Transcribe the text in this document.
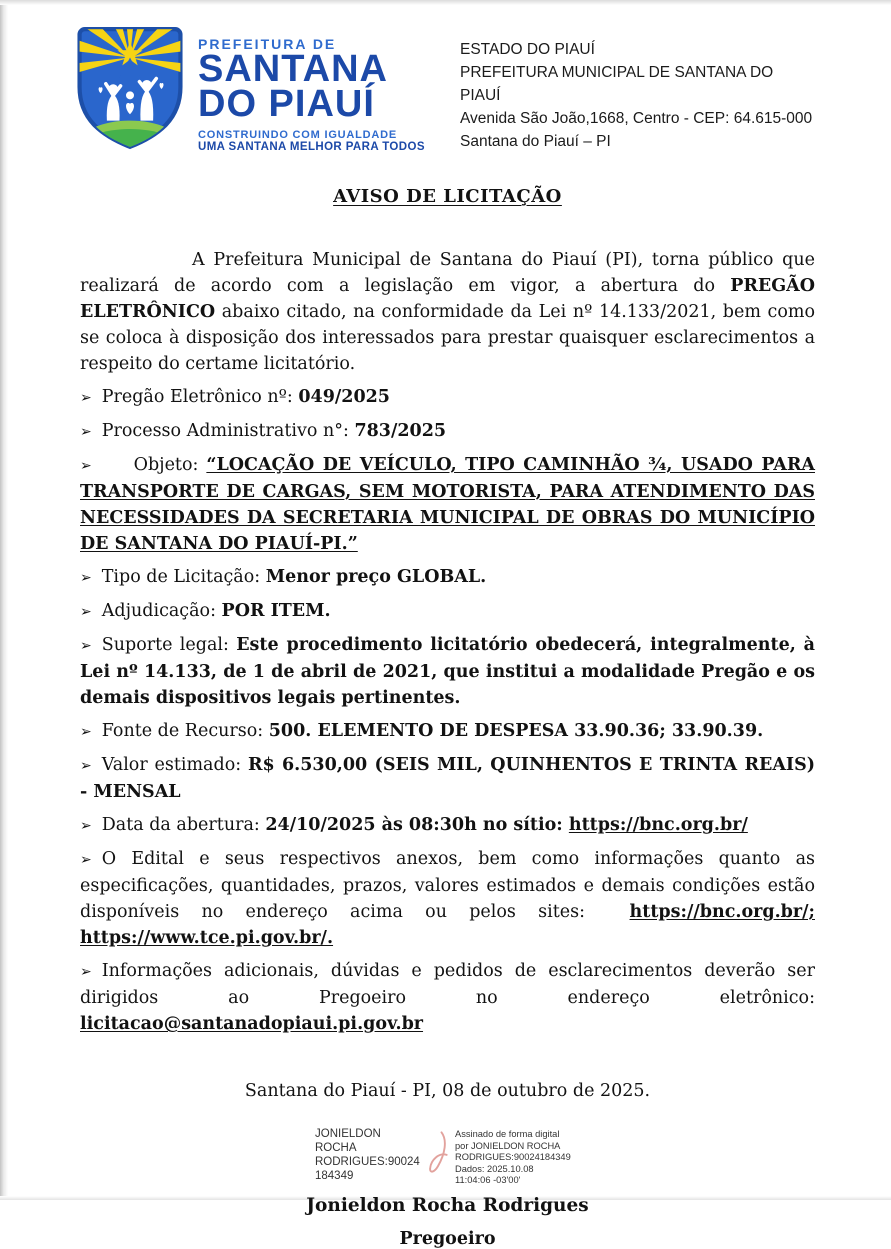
PREFEITURA DE
SANTANA
DO PIAUÍ
CONSTRUINDO COM IGUALDADE
UMA SANTANA MELHOR PARA TODOS
ESTADO DO PIAUÍ
PREFEITURA MUNICIPAL DE SANTANA DO PIAUÍ
Avenida São João,1668, Centro - CEP: 64.615-000
Santana do Piauí – PI
AVISO DE LICITAÇÃO

A Prefeitura Municipal de Santana do Piauí (PI), torna público que realizará de acordo com a legislação em vigor, a abertura do PREGÃO ELETRÔNICO abaixo citado, na conformidade da Lei nº 14.133/2021, bem como se coloca à disposição dos interessados para prestar quaisquer esclarecimentos a respeito do certame licitatório.

➢ Pregão Eletrônico nº: 049/2025

➢ Processo Administrativo n°: 783/2025

➢    Objeto: “LOCAÇÃO DE VEÍCULO, TIPO CAMINHÃO ¾, USADO PARA TRANSPORTE DE CARGAS, SEM MOTORISTA, PARA ATENDIMENTO DAS NECESSIDADES DA SECRETARIA MUNICIPAL DE OBRAS DO MUNICÍPIO DE SANTANA DO PIAUÍ-PI.”

➢ Tipo de Licitação: Menor preço GLOBAL.

➢ Adjudicação: POR ITEM.

➢ Suporte legal: Este procedimento licitatório obedecerá, integralmente, à Lei nº 14.133, de 1 de abril de 2021, que institui a modalidade Pregão e os demais dispositivos legais pertinentes.

➢ Fonte de Recurso: 500. ELEMENTO DE DESPESA 33.90.36; 33.90.39.

➢ Valor estimado: R$ 6.530,00 (SEIS MIL, QUINHENTOS E TRINTA REAIS) - MENSAL

➢ Data da abertura: 24/10/2025 às 08:30h no sítio: https://bnc.org.br/

➢ O Edital e seus respectivos anexos, bem como informações quanto as especificações, quantidades, prazos, valores estimados e demais condições estão disponíveis no endereço acima ou pelos sites:  https://bnc.org.br/; https://www.tce.pi.gov.br/.

➢ Informações adicionais, dúvidas e pedidos de esclarecimentos deverão ser dirigidos ao Pregoeiro no endereço eletrônico: licitacao@santanadopiaui.pi.gov.br

Santana do Piauí - PI, 08 de outubro de 2025.
JONIELDON
ROCHA
RODRIGUES:90024
184349
Assinado de forma digital
por JONIELDON ROCHA
RODRIGUES:90024184349
Dados: 2025.10.08
11:04:06 -03'00'
Jonieldon Rocha Rodrigues
Pregoeiro
